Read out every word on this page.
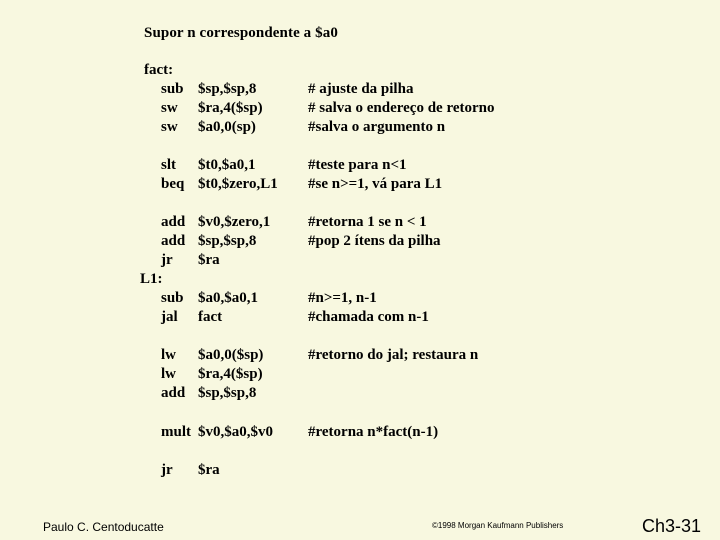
Supor n correspondente a $a0
fact:
sub $sp,$sp,8	# ajuste da pilha
sw $ra,4($sp)	# salva o endereço de retorno
sw $a0,0(sp)	#salva o argumento n
slt $t0,$a0,1	#teste para n<1
beq $t0,$zero,L1 #se n>=1, vá para L1
add $v0,$zero,1	#retorna 1 se n < 1
add $sp,$sp,8	#pop 2 ítens da pilha
jr $ra
L1:
sub $a0,$a0,1	#n>=1, n-1
jal fact	#chamada com n-1
lw $a0,0($sp)	#retorno do jal; restaura n
lw $ra,4($sp)
add $sp,$sp,8
mult $v0,$a0,$v0 #retorna n*fact(n-1)
jr $ra
Paulo C. Centoducatte	©1998 Morgan Kaufmann Publishers	Ch3-31
